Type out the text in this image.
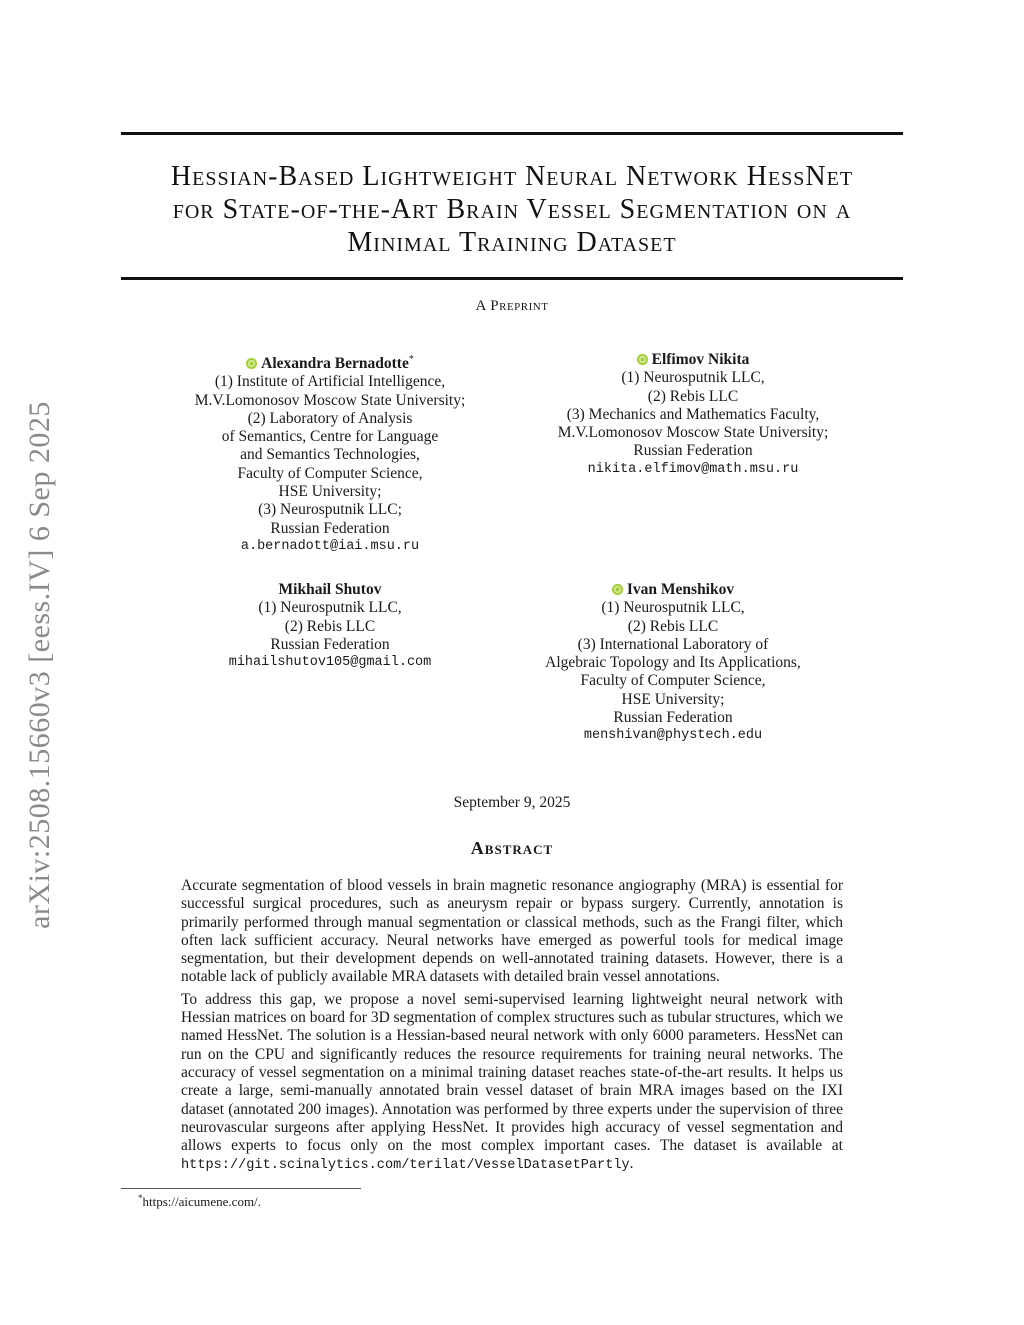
arXiv:2508.15660v3 [eess.IV] 6 Sep 2025
Hessian-Based Lightweight Neural Network HessNet
for State-of-the-Art Brain Vessel Segmentation on a
Minimal Training Dataset
A Preprint
Alexandra Bernadotte*
(1) Institute of Artificial Intelligence,
M.V.Lomonosov Moscow State University;
(2) Laboratory of Analysis
of Semantics, Centre for Language
and Semantics Technologies,
Faculty of Computer Science,
HSE University;
(3) Neurosputnik LLC;
Russian Federation
a.bernadott@iai.msu.ru
Elfimov Nikita
(1) Neurosputnik LLC,
(2) Rebis LLC
(3) Mechanics and Mathematics Faculty,
M.V.Lomonosov Moscow State University;
Russian Federation
nikita.elfimov@math.msu.ru
Mikhail Shutov
(1) Neurosputnik LLC,
(2) Rebis LLC
Russian Federation
mihailshutov105@gmail.com
Ivan Menshikov
(1) Neurosputnik LLC,
(2) Rebis LLC
(3) International Laboratory of
Algebraic Topology and Its Applications,
Faculty of Computer Science,
HSE University;
Russian Federation
menshivan@phystech.edu
September 9, 2025
Abstract

Accurate segmentation of blood vessels in brain magnetic resonance angiography (MRA) is essential for successful surgical procedures, such as aneurysm repair or bypass surgery. Currently, annotation is primarily performed through manual segmentation or classical methods, such as the Frangi filter, which often lack sufficient accuracy. Neural networks have emerged as powerful tools for medical image segmentation, but their development depends on well-annotated training datasets. However, there is a notable lack of publicly available MRA datasets with detailed brain vessel annotations.

To address this gap, we propose a novel semi-supervised learning lightweight neural network with Hessian matrices on board for 3D segmentation of complex structures such as tubular structures, which we named HessNet. The solution is a Hessian-based neural network with only 6000 parameters. HessNet can run on the CPU and significantly reduces the resource requirements for training neural networks. The accuracy of vessel segmentation on a minimal training dataset reaches state-of-the-art results. It helps us create a large, semi-manually annotated brain vessel dataset of brain MRA images based on the IXI dataset (annotated 200 images). Annotation was performed by three experts under the supervision of three neurovascular surgeons after applying HessNet. It provides high accuracy of vessel segmentation and allows experts to focus only on the most complex important cases. The dataset is available at https://git.scinalytics.com/terilat/VesselDatasetPartly.

*https://aicumene.com/.
